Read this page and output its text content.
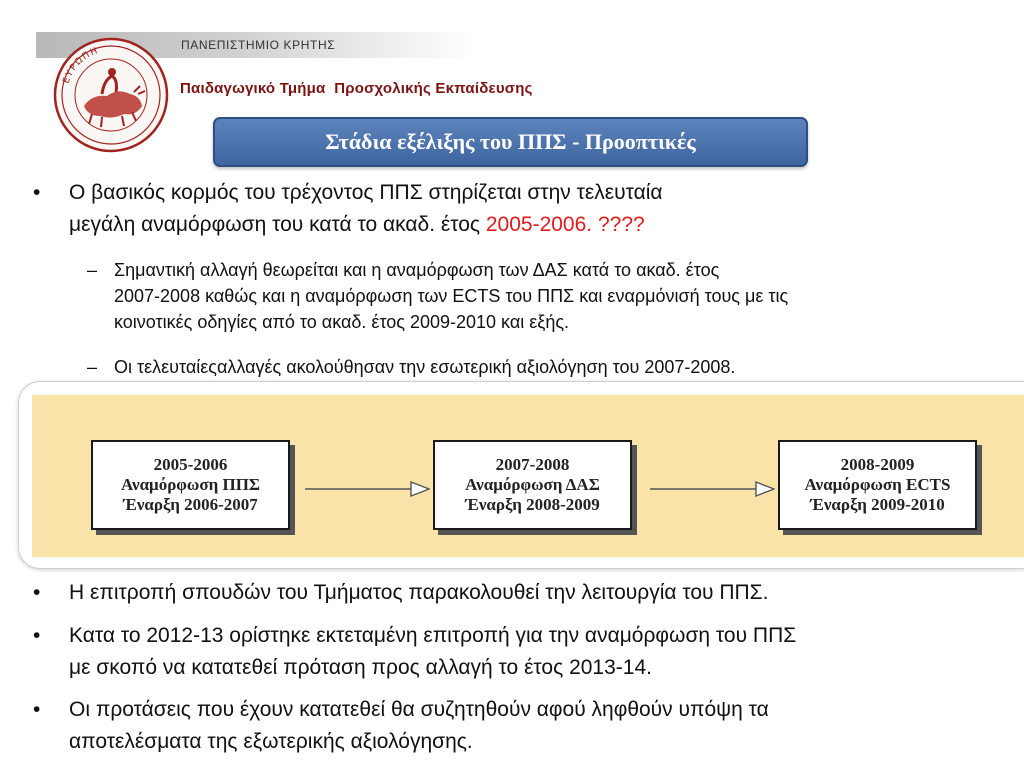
ΠΑΝΕΠΙΣΤΗΜΙΟ ΚΡΗΤΗΣ
ΕΥΡΩΠΗ
Παιδαγωγικό Τμήμα Προσχολικής Εκπαίδευσης
Στάδια εξέλιξης του ΠΠΣ - Προοπτικές
• Ο βασικός κορμός του τρέχοντος ΠΠΣ στηρίζεται στην τελευταία
μεγάλη αναμόρφωση του κατά το ακαδ. έτος 2005-2006. ????
– Σημαντική αλλαγή θεωρείται και η αναμόρφωση των ΔΑΣ κατά το ακαδ. έτος
2007-2008 καθώς και η αναμόρφωση των ECTS του ΠΠΣ και εναρμόνισή τους με τις
κοινοτικές οδηγίες από το ακαδ. έτος 2009-2010 και εξής.
– Οι τελευταίεςαλλαγές ακολούθησαν την εσωτερική αξιολόγηση του 2007-2008.
2005-2006
Αναμόρφωση ΠΠΣ
Έναρξη 2006-2007
2007-2008
Αναμόρφωση ΔΑΣ
Έναρξη 2008-2009
2008-2009
Αναμόρφωση ECTS
Έναρξη 2009-2010
• Η επιτροπή σπουδών του Τμήματος παρακολουθεί την λειτουργία του ΠΠΣ.
• Κατα το 2012-13 ορίστηκε εκτεταμένη επιτροπή για την αναμόρφωση του ΠΠΣ
με σκοπό να κατατεθεί πρόταση προς αλλαγή το έτος 2013-14.
• Οι προτάσεις που έχουν κατατεθεί θα συζητηθούν αφού ληφθούν υπόψη τα
αποτελέσματα της εξωτερικής αξιολόγησης.
